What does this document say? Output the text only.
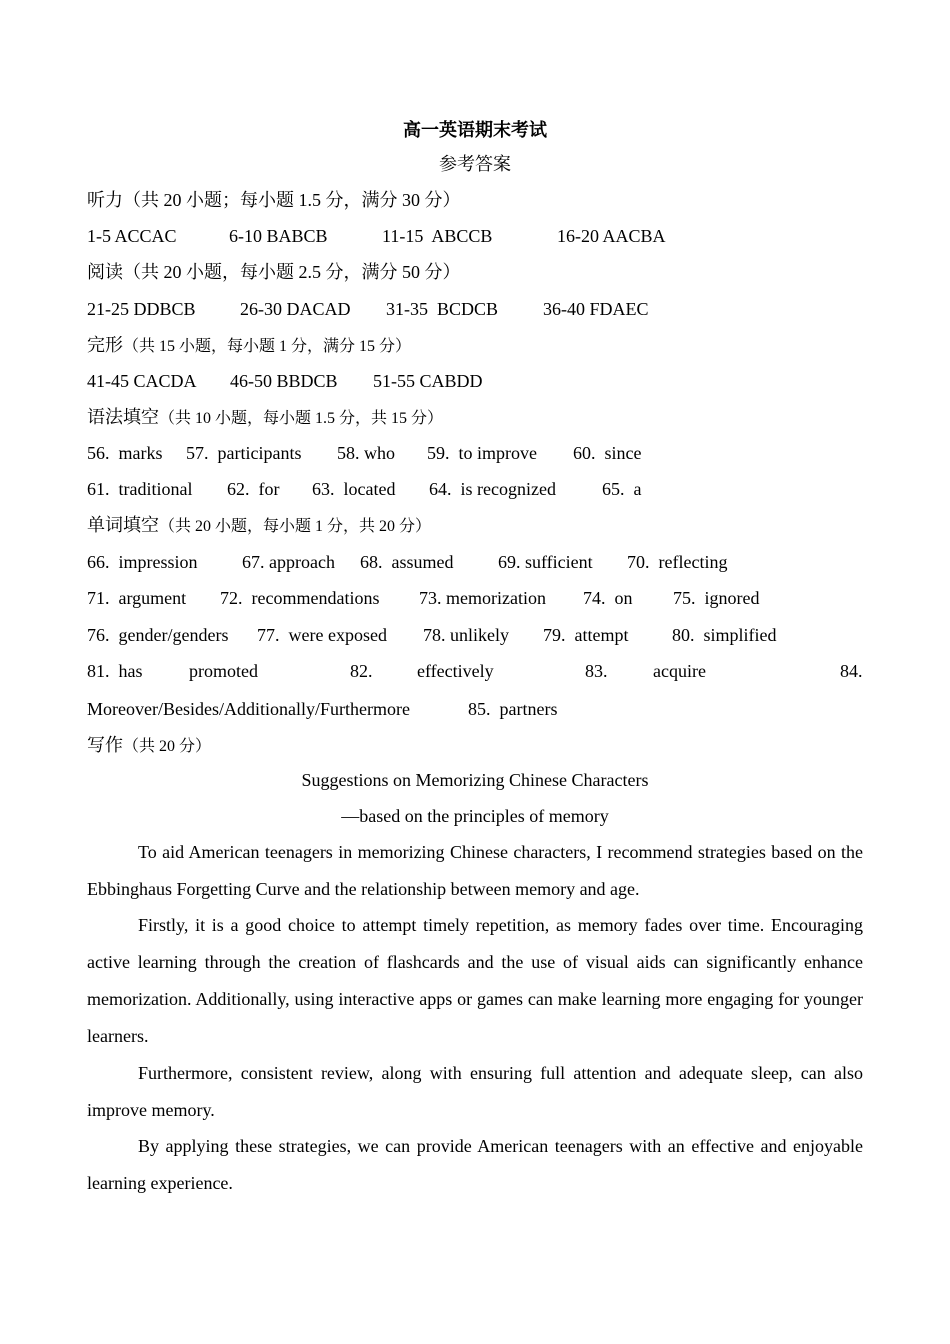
高一英语期末考试
参考答案
听力（共 20 小题；每小题 1.5 分，满分 30 分）
1-5 ACCAC	6-10 BABCB	11-15  ABCCB	16-20 AACBA
阅读（共 20 小题，每小题 2.5 分，满分 50 分）
21-25 DDBCB 26-30 DACAD 31-35  BCDCB 36-40 FDAEC
完形（共 15 小题，每小题 1 分，满分 15 分）
41-45 CACDA 46-50 BBDCB 51-55 CABDD
语法填空（共 10 小题，每小题 1.5 分，共 15 分）
56.  marks 57.  participants 58. who 59.  to improve 60.  since
61.  traditional 62.  for 63.  located 64.  is recognized	65.  a
单词填空（共 20 小题，每小题 1 分，共 20 分）
66.  impression 67. approach 68.  assumed 69. sufficient 70.  reflecting
71.  argument 72.  recommendations 73. memorization 74.  on 75.  ignored
76.  gender/genders 77.  were exposed 78. unlikely 79.  attempt 80.  simplified
81.  has	promoted	82. effectively	83.	acquire	84.
Moreover/Besides/Additionally/Furthermore	85.  partners
写作（共 20 分）
Suggestions on Memorizing Chinese Characters
—based on the principles of memory
To aid American teenagers in memorizing Chinese characters, I recommend strategies based on the Ebbinghaus Forgetting Curve and the relationship between memory and age.
Firstly, it is a good choice to attempt timely repetition, as memory fades over time. Encouraging active learning through the creation of flashcards and the use of visual aids can significantly enhance memorization. Additionally, using interactive apps or games can make learning more engaging for younger learners.
Furthermore, consistent review, along with ensuring full attention and adequate sleep, can also improve memory.
By applying these strategies, we can provide American teenagers with an effective and enjoyable learning experience.
